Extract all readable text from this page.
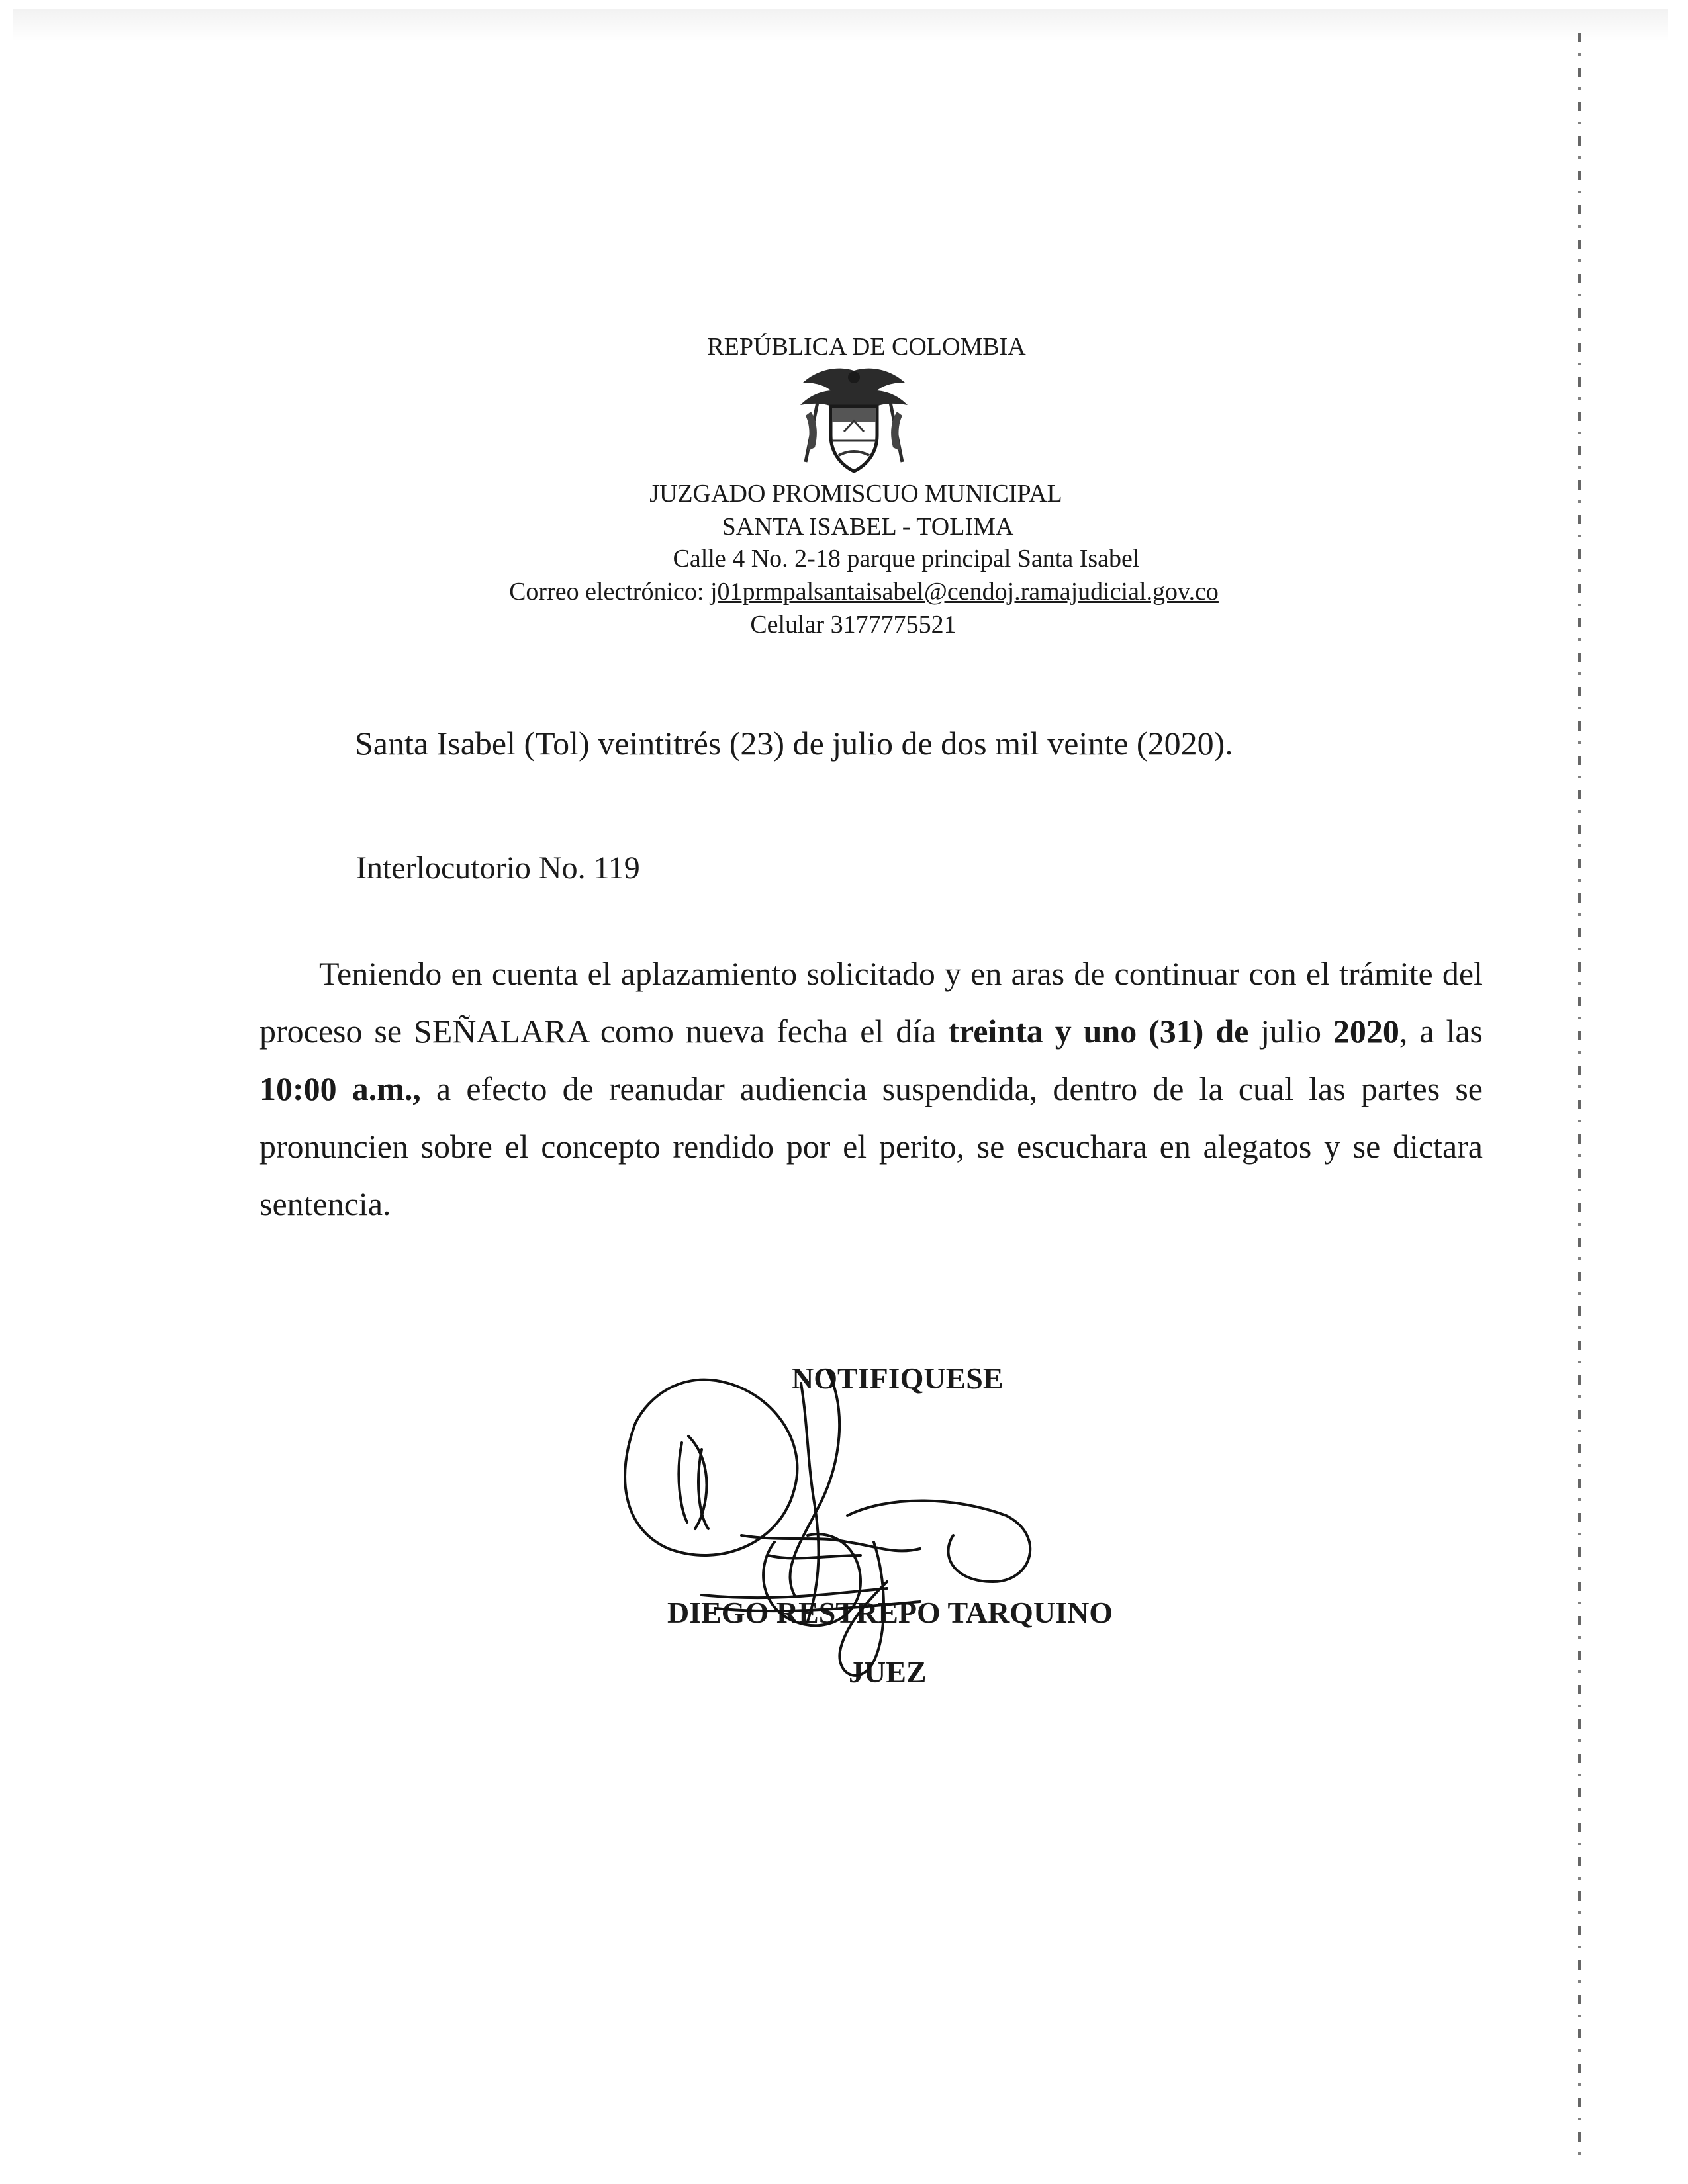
REPÚBLICA DE COLOMBIA
JUZGADO PROMISCUO MUNICIPAL
SANTA ISABEL - TOLIMA
Calle 4 No. 2-18 parque principal Santa Isabel
Correo electrónico: j01prmpalsantaisabel@cendoj.ramajudicial.gov.co
Celular 3177775521
Santa Isabel (Tol) veintitrés (23) de julio de dos mil veinte (2020).
Interlocutorio No. 119

Teniendo en cuenta el aplazamiento solicitado y en aras de continuar con el trámite del proceso se SEÑALARA como nueva fecha el día treinta y uno (31) de julio 2020, a las 10:00 a.m., a efecto de reanudar audiencia suspendida, dentro de la cual las partes se pronuncien sobre el concepto rendido por el perito, se escuchara en alegatos y se dictara sentencia.

NOTIFIQUESE
DIEGO RESTREPO TARQUINO
JUEZ
